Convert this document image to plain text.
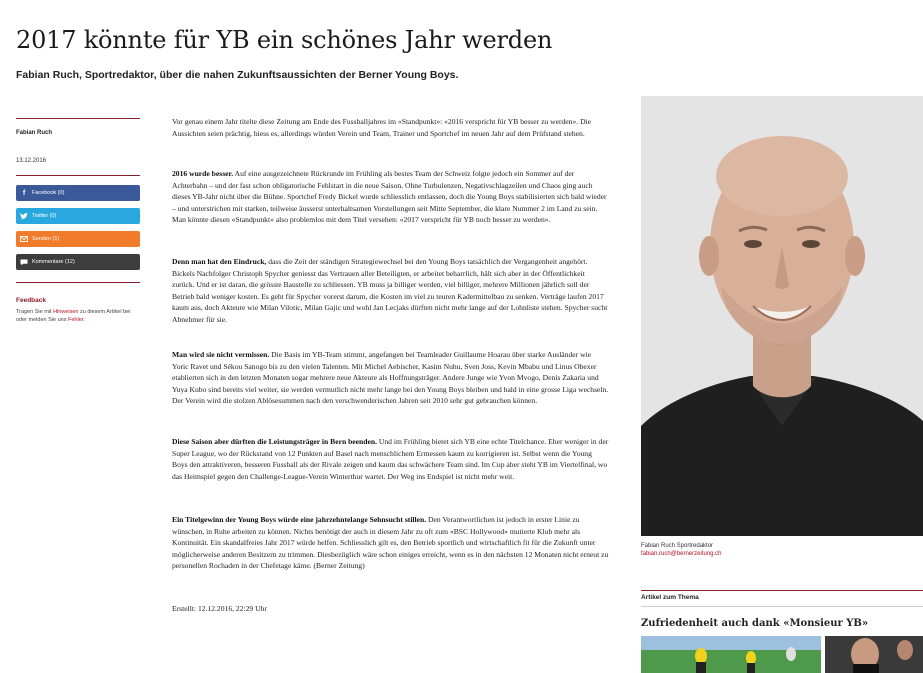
2017 könnte für YB ein schönes Jahr werden
Fabian Ruch, Sportredaktor, über die nahen Zukunftsaussichten der Berner Young Boys.
Fabian Ruch
13.12.2016
f	Facebook (0)
Twitter (0)
Senden (1)
Kommentare (12)
Feedback
Tragen Sie mit Hinweisen zu diesem Artikel bei oder melden Sie uns Fehler.

Vor genau einem Jahr titelte diese Zeitung am Ende des Fussballjahres im «Standpunkt»: «2016 verspricht für YB besser zu werden». Die Aussichten seien prächtig, hiess es, allerdings würden Verein und Team, Trainer und Sportchef im neuen Jahr auf dem Prüfstand stehen.

2016 wurde besser. Auf eine ausgezeichnete Rückrunde im Frühling als bestes Team der Schweiz folgte jedoch ein Sommer auf der Achterbahn – und der fast schon obligatorische Fehlstart in die neue Saison. Ohne Turbulenzen, Negativschlagzeilen und Chaos ging auch dieses YB-Jahr nicht über die Bühne. Sportchef Fredy Bickel wurde schliesslich entlassen, doch die Young Boys stabilisierten sich bald wieder – und unterstrichen mit starken, teilweise äusserst unterhaltsamen Vorstellungen seit Mitte September, die klare Nummer 2 im Land zu sein. Man könnte diesen «Standpunkt» also problemlos mit dem Titel versehen: «2017 verspricht für YB noch besser zu werden».

Denn man hat den Eindruck, dass die Zeit der ständigen Strategiewechsel bei den Young Boys tatsächlich der Vergangenheit angehört. Bickels Nachfolger Christoph Spycher geniesst das Vertrauen aller Beteiligten, er arbeitet beharrlich, hält sich aber in der Öffentlichkeit zurück. Und er ist daran, die grösste Baustelle zu schliessen. YB muss ja billiger werden, viel billiger, mehrere Millionen jährlich soll der Betrieb bald weniger kosten. Es geht für Spycher vorerst darum, die Kosten im viel zu teuren Kadermittelbau zu senken. Verträge laufen 2017 kaum aus, doch Akteure wie Milan Vilotic, Milan Gajic und wohl Jan Lecjaks dürften nicht mehr lange auf der Lohnliste stehen. Spycher sucht Abnehmer für sie.

Man wird sie nicht vermissen. Die Basis im YB-Team stimmt, angefangen bei Teamleader Guillaume Hoarau über starke Ausländer wie Yoric Ravet und Sékou Sanogo bis zu den vielen Talenten. Mit Michel Aebischer, Kasim Nuhu, Sven Joss, Kevin Mbabu und Linus Obexer etablierten sich in den letzten Monaten sogar mehrere neue Akteure als Hoffnungsträger. Andere Junge wie Yvon Mvogo, Denis Zakaria und Yuya Kubo sind bereits viel weiter, sie werden vermutlich nicht mehr lange bei den Young Boys bleiben und bald in eine grosse Liga wechseln. Der Verein wird die stolzen Ablösesummen nach den verschwenderischen Jahren seit 2010 sehr gut gebrauchen können.

Diese Saison aber dürften die Leistungsträger in Bern beenden. Und im Frühling bietet sich YB eine echte Titelchance. Eher weniger in der Super League, wo der Rückstand von 12 Punkten auf Basel nach menschlichem Ermessen kaum zu korrigieren ist. Selbst wenn die Young Boys den attraktiveren, besseren Fussball als der Rivale zeigen und kaum das schwächere Team sind. Im Cup aber steht YB im Viertelfinal, wo das Heimspiel gegen den Challenge-League-Verein Winterthur wartet. Der Weg ins Endspiel ist nicht mehr weit.

Ein Titelgewinn der Young Boys würde eine jahrzehntelange Sehnsucht stillen. Den Verantwortlichen ist jedoch in erster Linie zu wünschen, in Ruhe arbeiten zu können. Nichts benötigt der auch in diesem Jahr zu oft zum «BSC Hollywood» mutierte Klub mehr als Kontinuität. Ein skandalfreies Jahr 2017 würde helfen. Schliesslich gilt es, den Betrieb sportlich und wirtschaftlich fit für die Zukunft unter möglicherweise anderen Besitzern zu trimmen. Diesbezüglich wäre schon einiges erreicht, wenn es in den nächsten 12 Monaten nicht erneut zu personellen Rochaden in der Chefetage käme. (Berner Zeitung)

Erstellt: 12.12.2016, 22:29 Uhr

Fabian Ruch Sportredaktor
fabian.ruch@bernerzeitung.ch
Artikel zum Thema
Zufriedenheit auch dank «Monsieur YB»
